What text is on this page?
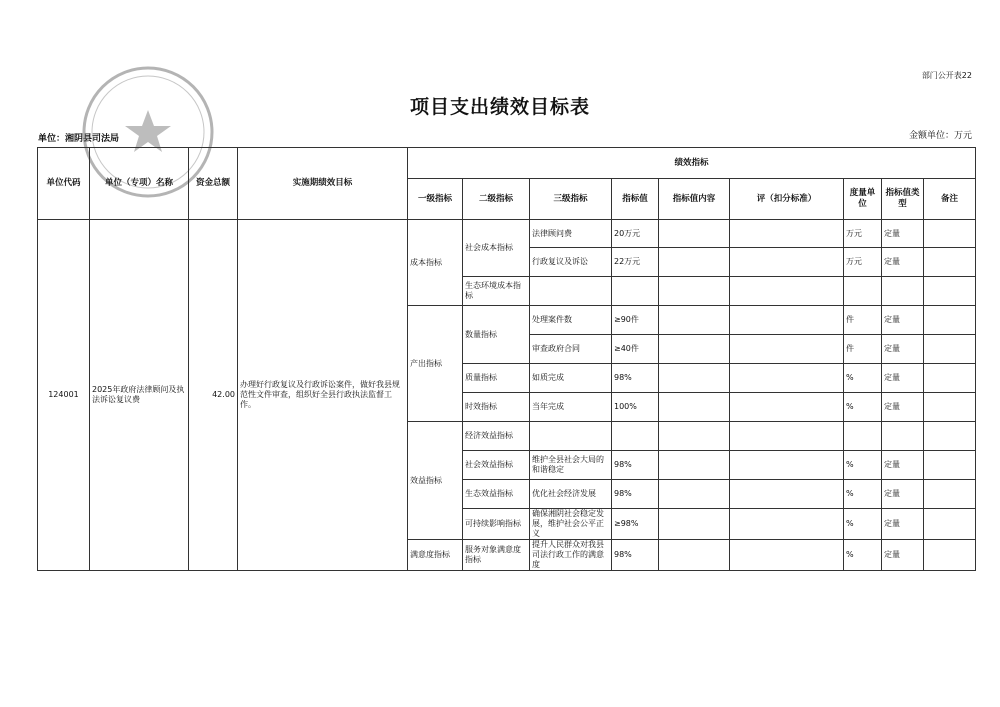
部门公开表22
项目支出绩效目标表
单位：湘阴县司法局	金额单位：万元
单位代码	单位（专项）名称	资金总额	实施期绩效目标	绩效指标								
				一级指标	二级指标	三级指标	指标值	指标值内容	评（扣分标准）	度量单位	指标值类型	备注
124001	2025年政府法律顾问及执法诉讼复议费	42.00	办理好行政复议及行政诉讼案件，做好我县规范性文件审查，组织好全县行政执法监督工作。	成本指标	社会成本指标	法律顾问费	20万元			万元	定量	
						行政复议及诉讼	22万元			万元	定量	
					生态环境成本指标							
				产出指标	数量指标	处理案件数	≥90件			件	定量	
						审查政府合同	≥40件			件	定量	
					质量指标	如质完成	98%			%	定量	
					时效指标	当年完成	100%			%	定量	
				效益指标	经济效益指标							
					社会效益指标	维护全县社会大局的和谐稳定	98%			%	定量	
					生态效益指标	优化社会经济发展	98%			%	定量	
					可持续影响指标	确保湘阴社会稳定发展，维护社会公平正义	≥98%			%	定量	
				满意度指标	服务对象满意度指标	提升人民群众对我县司法行政工作的满意度	98%			%	定量	
